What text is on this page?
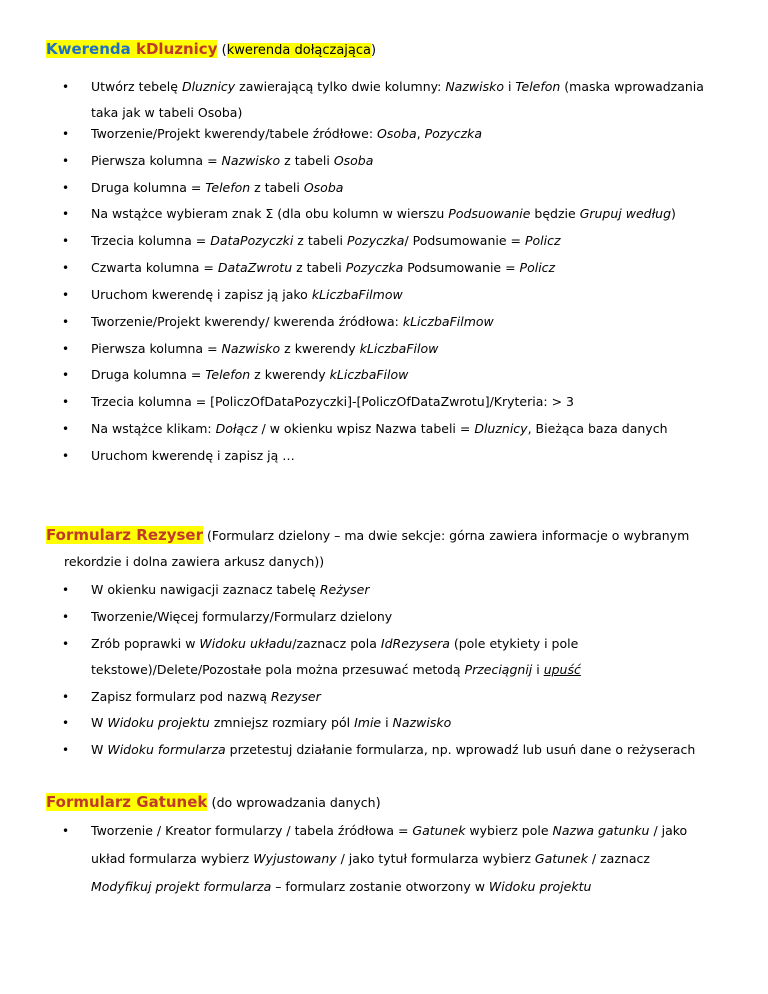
Kwerenda kDluznicy (kwerenda dołączająca)
•	Utwórz tebelę Dluznicy zawierającą tylko dwie kolumny: Nazwisko i Telefon (maska wprowadzania
taka jak w tabeli Osoba)
•	Tworzenie/Projekt kwerendy/tabele źródłowe: Osoba, Pozyczka
•	Pierwsza kolumna = Nazwisko z tabeli Osoba
•	Druga kolumna = Telefon z tabeli Osoba
•	Na wstążce wybieram znak Σ (dla obu kolumn w wierszu Podsuowanie będzie Grupuj według)
•	Trzecia kolumna = DataPozyczki z tabeli Pozyczka/ Podsumowanie = Policz
•	Czwarta kolumna = DataZwrotu z tabeli Pozyczka Podsumowanie = Policz
•	Uruchom kwerendę i zapisz ją jako kLiczbaFilmow
•	Tworzenie/Projekt kwerendy/ kwerenda źródłowa: kLiczbaFilmow
•	Pierwsza kolumna = Nazwisko z kwerendy kLiczbaFilow
•	Druga kolumna = Telefon z kwerendy kLiczbaFilow
•	Trzecia kolumna = [PoliczOfDataPozyczki]-[PoliczOfDataZwrotu]/Kryteria: > 3
•	Na wstążce klikam: Dołącz / w okienku wpisz Nazwa tabeli = Dluznicy, Bieżąca baza danych
•	Uruchom kwerendę i zapisz ją …
Formularz Rezyser (Formularz dzielony – ma dwie sekcje: górna zawiera informacje o wybranym
rekordzie i dolna zawiera arkusz danych))
•	W okienku nawigacji zaznacz tabelę Reżyser
•	Tworzenie/Więcej formularzy/Formularz dzielony
•	Zrób poprawki w Widoku układu/zaznacz pola IdRezysera (pole etykiety i pole
tekstowe)/Delete/Pozostałe pola można przesuwać metodą Przeciągnij i upuść
•	Zapisz formularz pod nazwą Rezyser
•	W Widoku projektu zmniejsz rozmiary pól Imie i Nazwisko
•	W Widoku formularza przetestuj działanie formularza, np. wprowadź lub usuń dane o reżyserach
Formularz Gatunek (do wprowadzania danych)
•	Tworzenie / Kreator formularzy / tabela źródłowa = Gatunek wybierz pole Nazwa gatunku / jako
układ formularza wybierz Wyjustowany / jako tytuł formularza wybierz Gatunek / zaznacz
Modyfikuj projekt formularza – formularz zostanie otworzony w Widoku projektu
